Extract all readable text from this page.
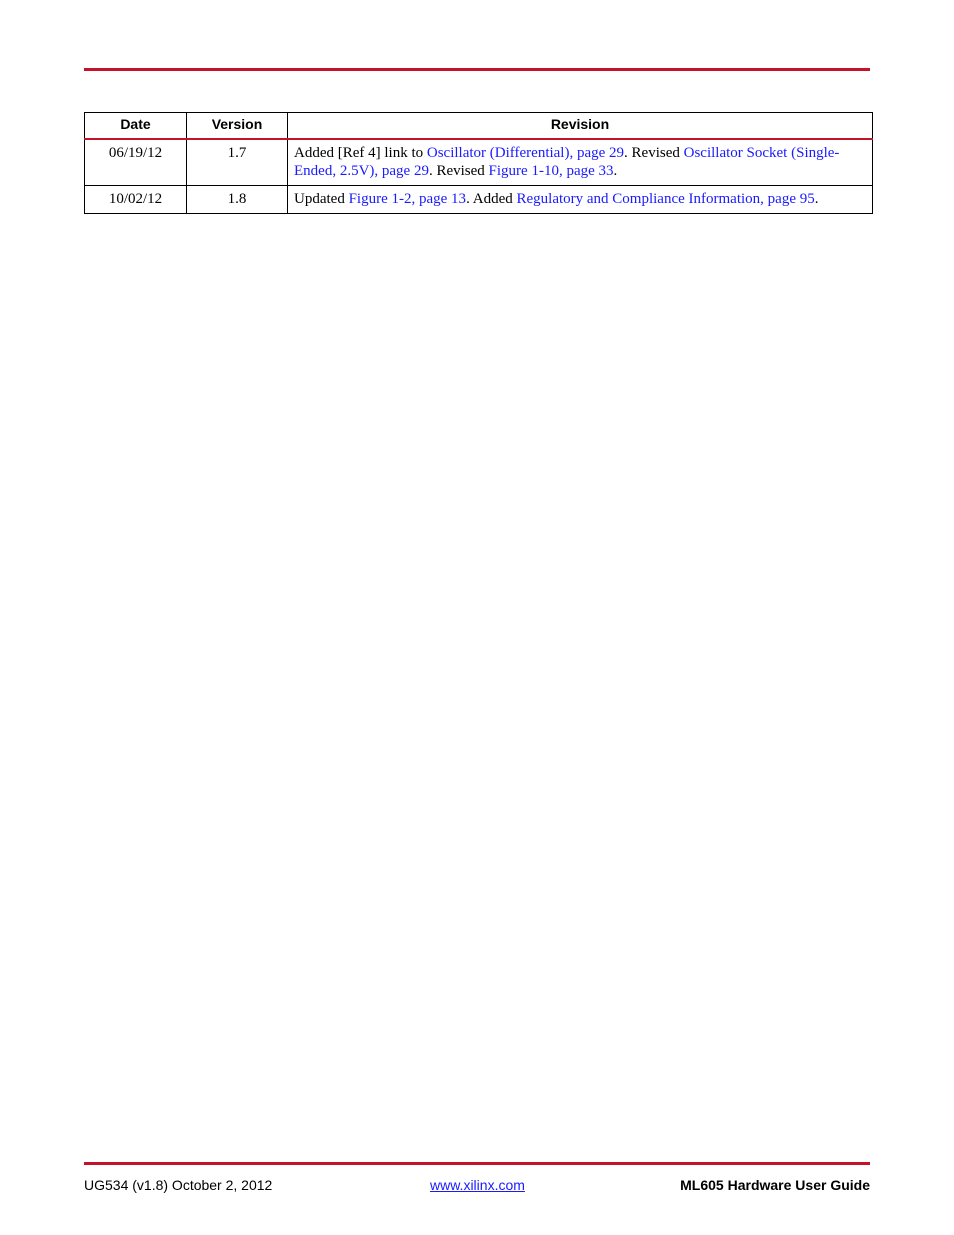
Date	Version	Revision
06/19/12	1.7	Added [Ref 4] link to Oscillator (Differential), page 29. Revised Oscillator Socket (Single-Ended, 2.5V), page 29. Revised Figure 1-10, page 33.
10/02/12	1.8	Updated Figure 1-2, page 13. Added Regulatory and Compliance Information, page 95.
UG534 (v1.8) October 2, 2012	www.xilinx.com	ML605 Hardware User Guide
